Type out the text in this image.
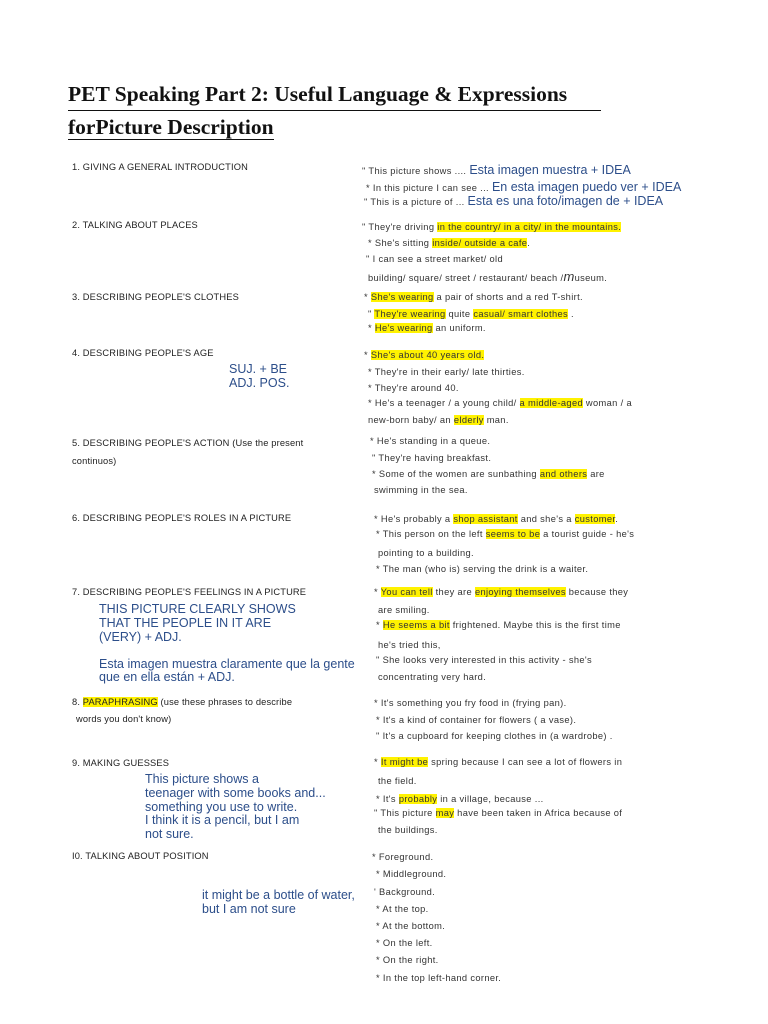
PET Speaking Part 2: Useful Language & Expressions
forPicture Description
1. GIVING A GENERAL INTRODUCTION
2. TALKING ABOUT PLACES
3. DESCRIBING PEOPLE'S CLOTHES
4. DESCRIBING PEOPLE'S AGE
5. DESCRIBING PEOPLE'S ACTION (Use the present
continuos)
6. DESCRIBING PEOPLE'S ROLES IN A PICTURE
7. DESCRIBING PEOPLE'S FEELINGS IN A PICTURE
8. PARAPHRASING (use these phrases to describe
words you don't know)
9. MAKING GUESSES
I0. TALKING ABOUT POSITION
SUJ. + BE
ADJ. POS.
THIS PICTURE CLEARLY SHOWS
THAT THE PEOPLE IN IT ARE
(VERY) + ADJ.
Esta imagen muestra claramente que la gente
que en ella están + ADJ.
This picture shows a
teenager with some books and...
something you use to write.
I think it is a pencil, but I am
not sure.
it might be a bottle of water,
but I am not sure
" This picture shows .... Esta imagen muestra + IDEA
* In this picture I can see ... En esta imagen puedo ver + IDEA
" This is a picture of ... Esta es una foto/imagen de + IDEA
" They're driving in the country/ in a city/ in the mountains.
* She's sitting inside/ outside a cafe.
" I can see a street market/ old
building/ square/ street / restaurant/ beach /museum.
* She's wearing a pair of shorts and a red T-shirt.
" They're wearing quite casual/ smart clothes .
* He's wearing an uniform.
* She's about 40 years old.
* They're in their early/ late thirties.
* They're around 40.
* He's a teenager / a young child/ a middle-aged woman / a
new-born baby/ an elderly man.
* He's standing in a queue.
" They're having breakfast.
* Some of the women are sunbathing and others are
swimming in the sea.
* He's probably a shop assistant and she's a customer.
* This person on the left seems to be a tourist guide - he's
pointing to a building.
* The man (who is) serving the drink is a waiter.
* You can tell they are enjoying themselves because they
are smiling.
* He seems a bit frightened. Maybe this is the first time
he's tried this,
" She looks very interested in this activity - she's
concentrating very hard.
* It's something you fry food in (frying pan).
* It's a kind of container for flowers ( a vase).
" It's a cupboard for keeping clothes in (a wardrobe) .
* It might be spring because I can see a lot of flowers in
the field.
* It's probably in a village, because ...
" This picture may have been taken in Africa because of
the buildings.
* Foreground.
* Middleground.
' Background.
* At the top.
* At the bottom.
* On the left.
* On the right.
* In the top left-hand corner.
